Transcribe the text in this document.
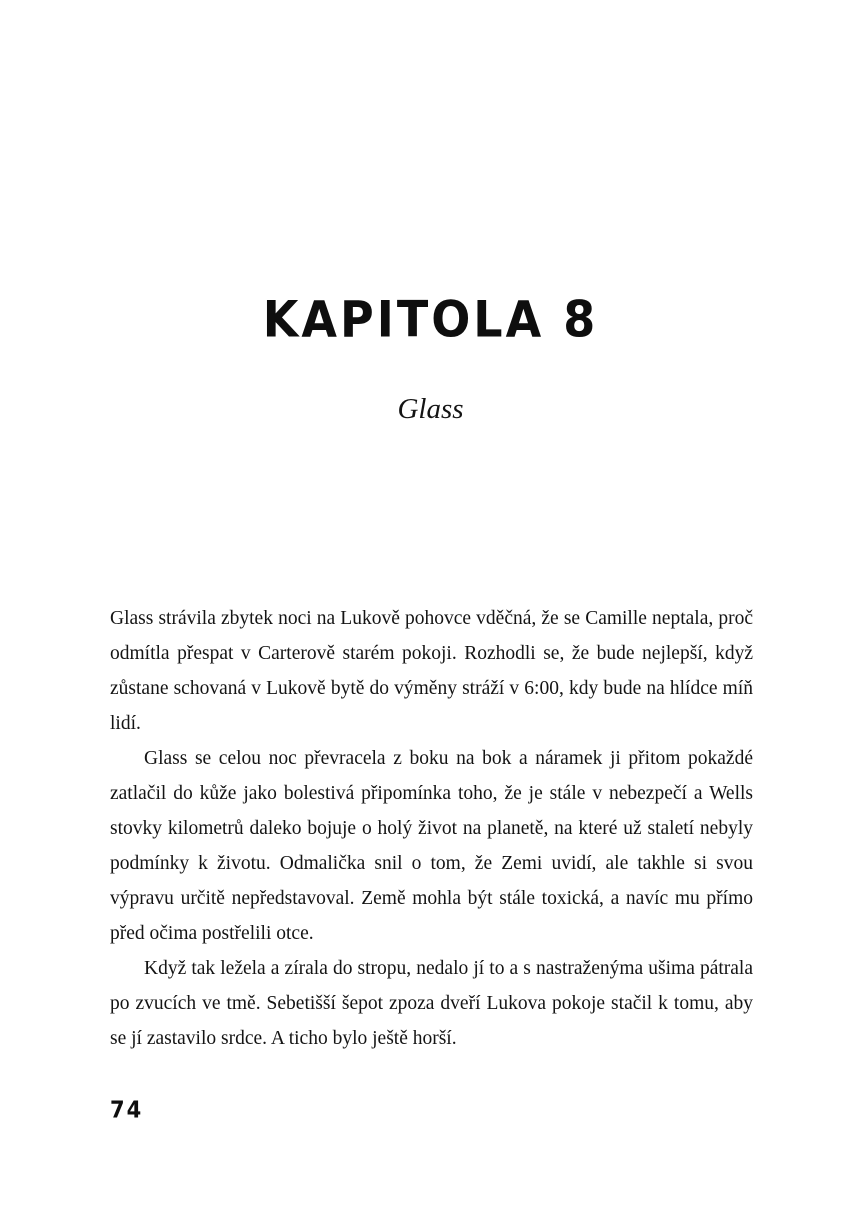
KAPITOLA 8
Glass

Glass strávila zbytek noci na Lukově pohovce vděčná, že se Camille neptala, proč odmítla přespat v Carterově starém pokoji. Rozhodli se, že bude nejlepší, když zůstane schovaná v Lukově bytě do výměny stráží v 6:00, kdy bude na hlídce míň lidí.

Glass se celou noc převracela z boku na bok a náramek ji přitom pokaždé zatlačil do kůže jako bolestivá připomínka toho, že je stále v nebezpečí a Wells stovky kilometrů daleko bojuje o holý život na planetě, na které už staletí nebyly podmínky k životu. Odmalička snil o tom, že Zemi uvidí, ale takhle si svou výpravu určitě nepředstavoval. Země mohla být stále toxická, a navíc mu přímo před očima postřelili otce.

Když tak ležela a zírala do stropu, nedalo jí to a s nastraženýma ušima pátrala po zvucích ve tmě. Sebetišší šepot zpoza dveří Lukova pokoje stačil k tomu, aby se jí zastavilo srdce. A ticho bylo ještě horší.

74
